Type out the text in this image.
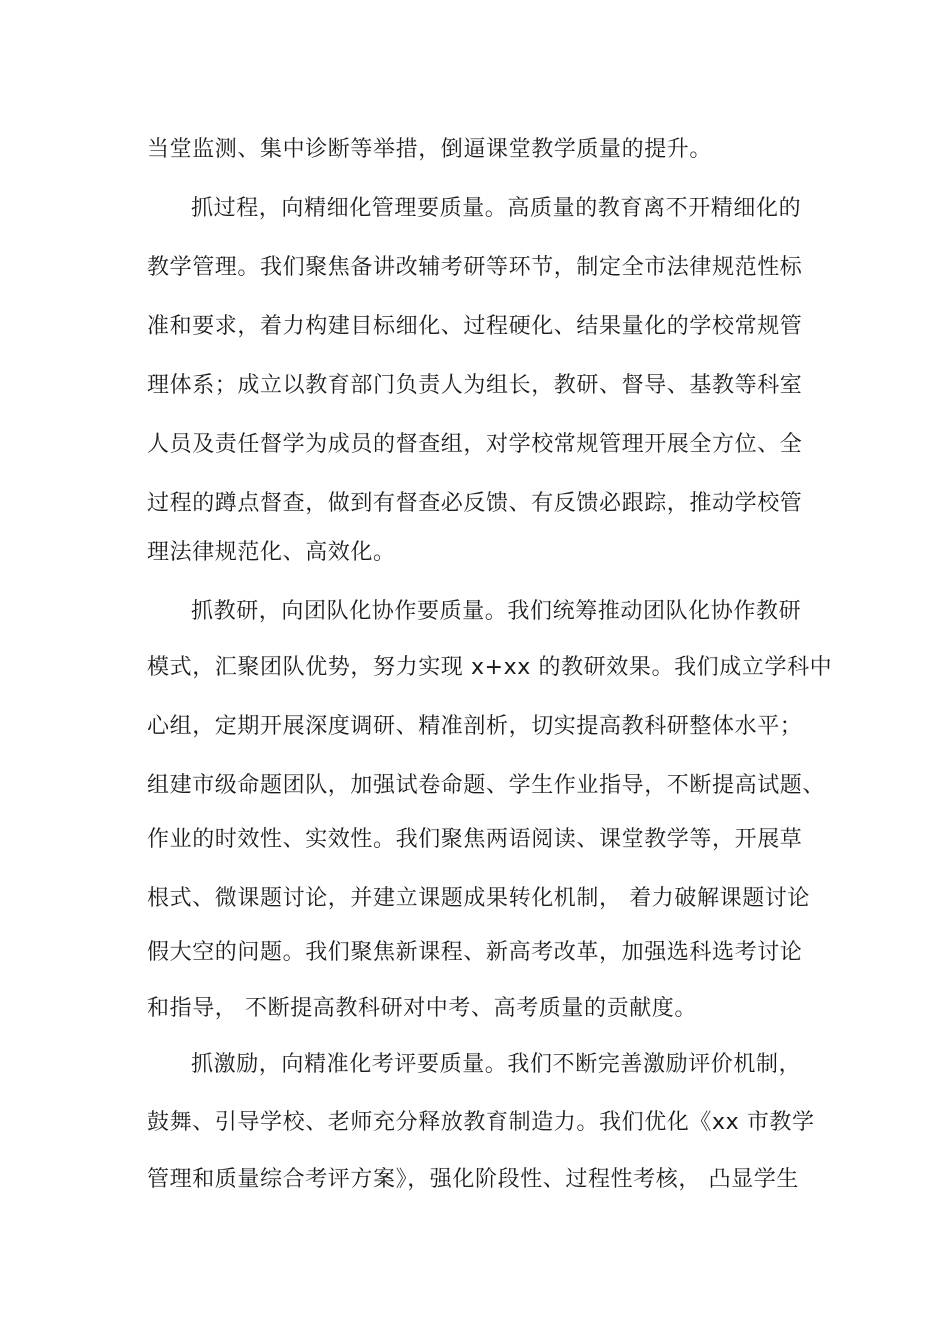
当堂监测、集中诊断等举措，倒逼课堂教学质量的提升。
抓过程，向精细化管理要质量。高质量的教育离不开精细化的
教学管理。我们聚焦备讲改辅考研等环节，制定全市法律规范性标
准和要求，着力构建目标细化、过程硬化、结果量化的学校常规管
理体系；成立以教育部门负责人为组长，教研、督导、基教等科室
人员及责任督学为成员的督查组，对学校常规管理开展全方位、全
过程的蹲点督查，做到有督查必反馈、有反馈必跟踪，推动学校管
理法律规范化、高效化。
抓教研，向团队化协作要质量。我们统筹推动团队化协作教研
模式，汇聚团队优势，努力实现 x+xx 的教研效果。我们成立学科中
心组，定期开展深度调研、精准剖析，切实提高教科研整体水平；
组建市级命题团队，加强试卷命题、学生作业指导，不断提高试题、
作业的时效性、实效性。我们聚焦两语阅读、课堂教学等，开展草
根式、微课题讨论，并建立课题成果转化机制， 着力破解课题讨论
假大空的问题。我们聚焦新课程、新高考改革，加强选科选考讨论
和指导， 不断提高教科研对中考、高考质量的贡献度。
抓激励，向精准化考评要质量。我们不断完善激励评价机制，
鼓舞、引导学校、老师充分释放教育制造力。我们优化《xx 市教学
管理和质量综合考评方案》，强化阶段性、过程性考核， 凸显学生
